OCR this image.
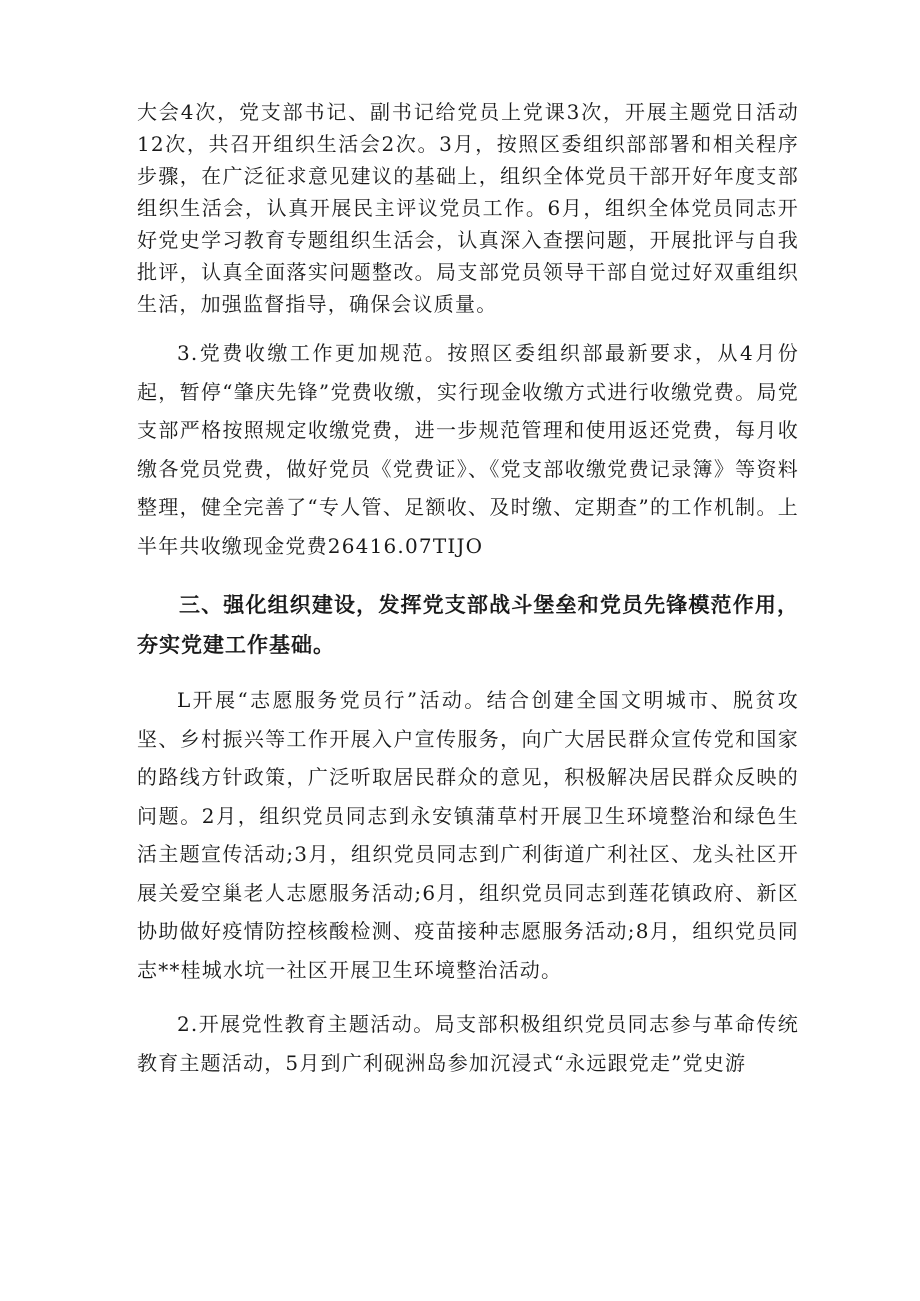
大会4次，党支部书记、副书记给党员上党课3次，开展主题党日活动12次，共召开组织生活会2次。3月，按照区委组织部部署和相关程序步骤，在广泛征求意见建议的基础上，组织全体党员干部开好年度支部组织生活会，认真开展民主评议党员工作。6月，组织全体党员同志开好党史学习教育专题组织生活会，认真深入查摆问题，开展批评与自我批评，认真全面落实问题整改。局支部党员领导干部自觉过好双重组织生活，加强监督指导，确保会议质量。

3.党费收缴工作更加规范。按照区委组织部最新要求，从4月份起，暂停“肇庆先锋”党费收缴，实行现金收缴方式进行收缴党费。局党支部严格按照规定收缴党费，进一步规范管理和使用返还党费，每月收缴各党员党费，做好党员《党费证》、《党支部收缴党费记录簿》等资料整理，健全完善了“专人管、足额收、及时缴、定期查”的工作机制。上半年共收缴现金党费26416.07TIJO

三、强化组织建设，发挥党支部战斗堡垒和党员先锋模范作用，夯实党建工作基础。

L开展“志愿服务党员行”活动。结合创建全国文明城市、脱贫攻坚、乡村振兴等工作开展入户宣传服务，向广大居民群众宣传党和国家的路线方针政策，广泛听取居民群众的意见，积极解决居民群众反映的问题。2月，组织党员同志到永安镇蒲草村开展卫生环境整治和绿色生活主题宣传活动;3月，组织党员同志到广利街道广利社区、龙头社区开展关爱空巢老人志愿服务活动;6月，组织党员同志到莲花镇政府、新区协助做好疫情防控核酸检测、疫苗接种志愿服务活动;8月，组织党员同志**桂城水坑一社区开展卫生环境整治活动。

2.开展党性教育主题活动。局支部积极组织党员同志参与革命传统教育主题活动，5月到广利砚洲岛参加沉浸式“永远跟党走”党史游
